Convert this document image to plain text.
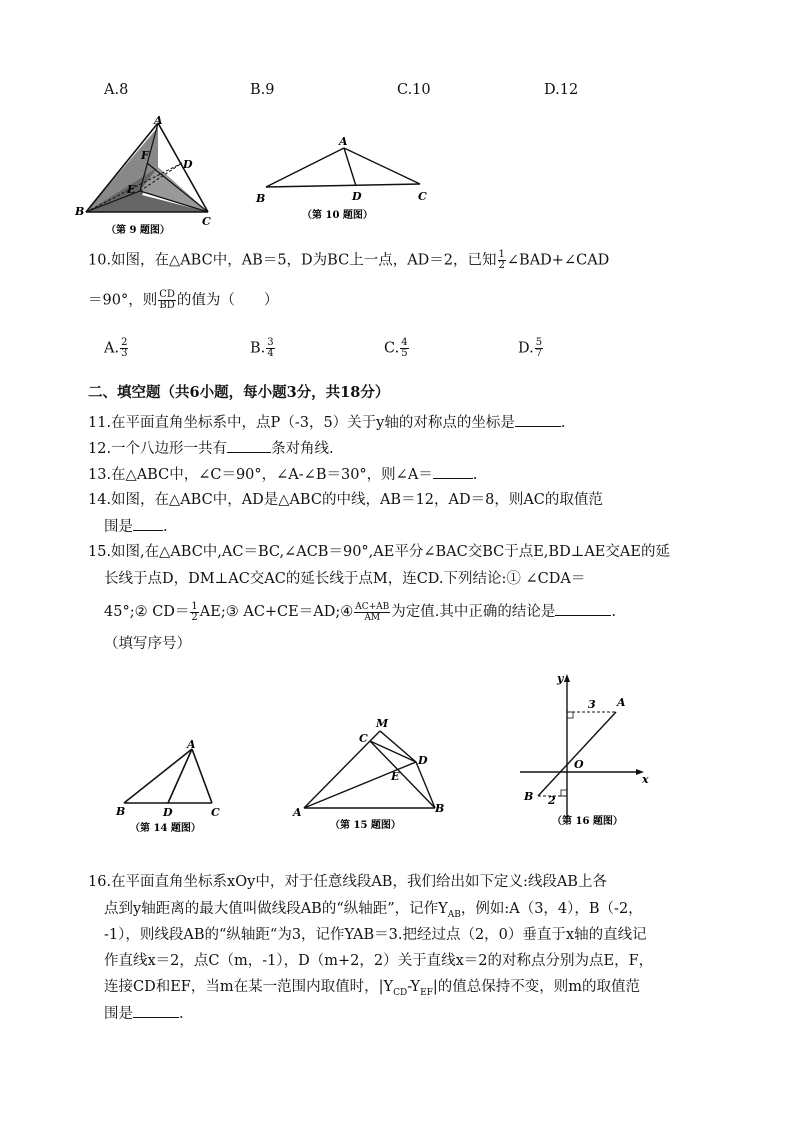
A.8	B.9	C.10	D.12
A
D
F
E
B
C
（第 9 题图）
A
B	D	C
（第 10 题图）
10.如图，在△ABC中，AB＝5，D为BC上一点，AD＝2，已知 $\frac{1}{2}$ ∠BAD+∠CAD
＝90°，则 $\frac{CD}{BD}$ 的值为（　　）
A. $\frac{2}{3}$	B. $\frac{3}{4}$	C. $\frac{4}{5}$	D. $\frac{5}{7}$
二、填空题（共6小题，每小题3分，共18分）
11.在平面直角坐标系中，点P（-3，5）关于y轴的对称点的坐标是	.
12.一个八边形一共有	条对角线.
13.在△ABC中，∠C＝90°，∠A-∠B＝30°，则∠A＝	.
14.如图，在△ABC中，AD是△ABC的中线，AB＝12，AD＝8，则AC的取值范
围是 .
15.如图,在△ABC中,AC＝BC,∠ACB＝90°,AE平分∠BAC交BC于点E,BD⊥AE交AE的延
长线于点D，DM⊥AC交AC的延长线于点M，连CD.下列结论:① ∠CDA＝
45°;② $CD= \frac{1}{2}$ AE;③ AC+CE＝AD;④ $\frac{AC+AB}{AM}$ 为定值.其中正确的结论是	.
（填写序号）
A
B	D	C
（第 14 题图）
M
C
D
E
A	B
（第 15 题图）
y
x
O
A
B
3
2
（第 16 题图）
16.在平面直角坐标系xOy中，对于任意线段AB，我们给出如下定义:线段AB上各
点到y轴距离的最大值叫做线段AB的“纵轴距”，记作$Y_{AB}$，例如:A（3，4），B（-2，
-1），则线段AB的“纵轴距“为3，记作YAB＝3.把经过点（2，0）垂直于x轴的直线记
作直线x＝2，点C（m，-1），D（m+2，2）关于直线x＝2的对称点分别为点E，F，
连接CD和EF，当m在某一范围内取值时，$|Y_{CD}-Y_{EF}|$的值总保持不变，则m的取值范
围是	.
